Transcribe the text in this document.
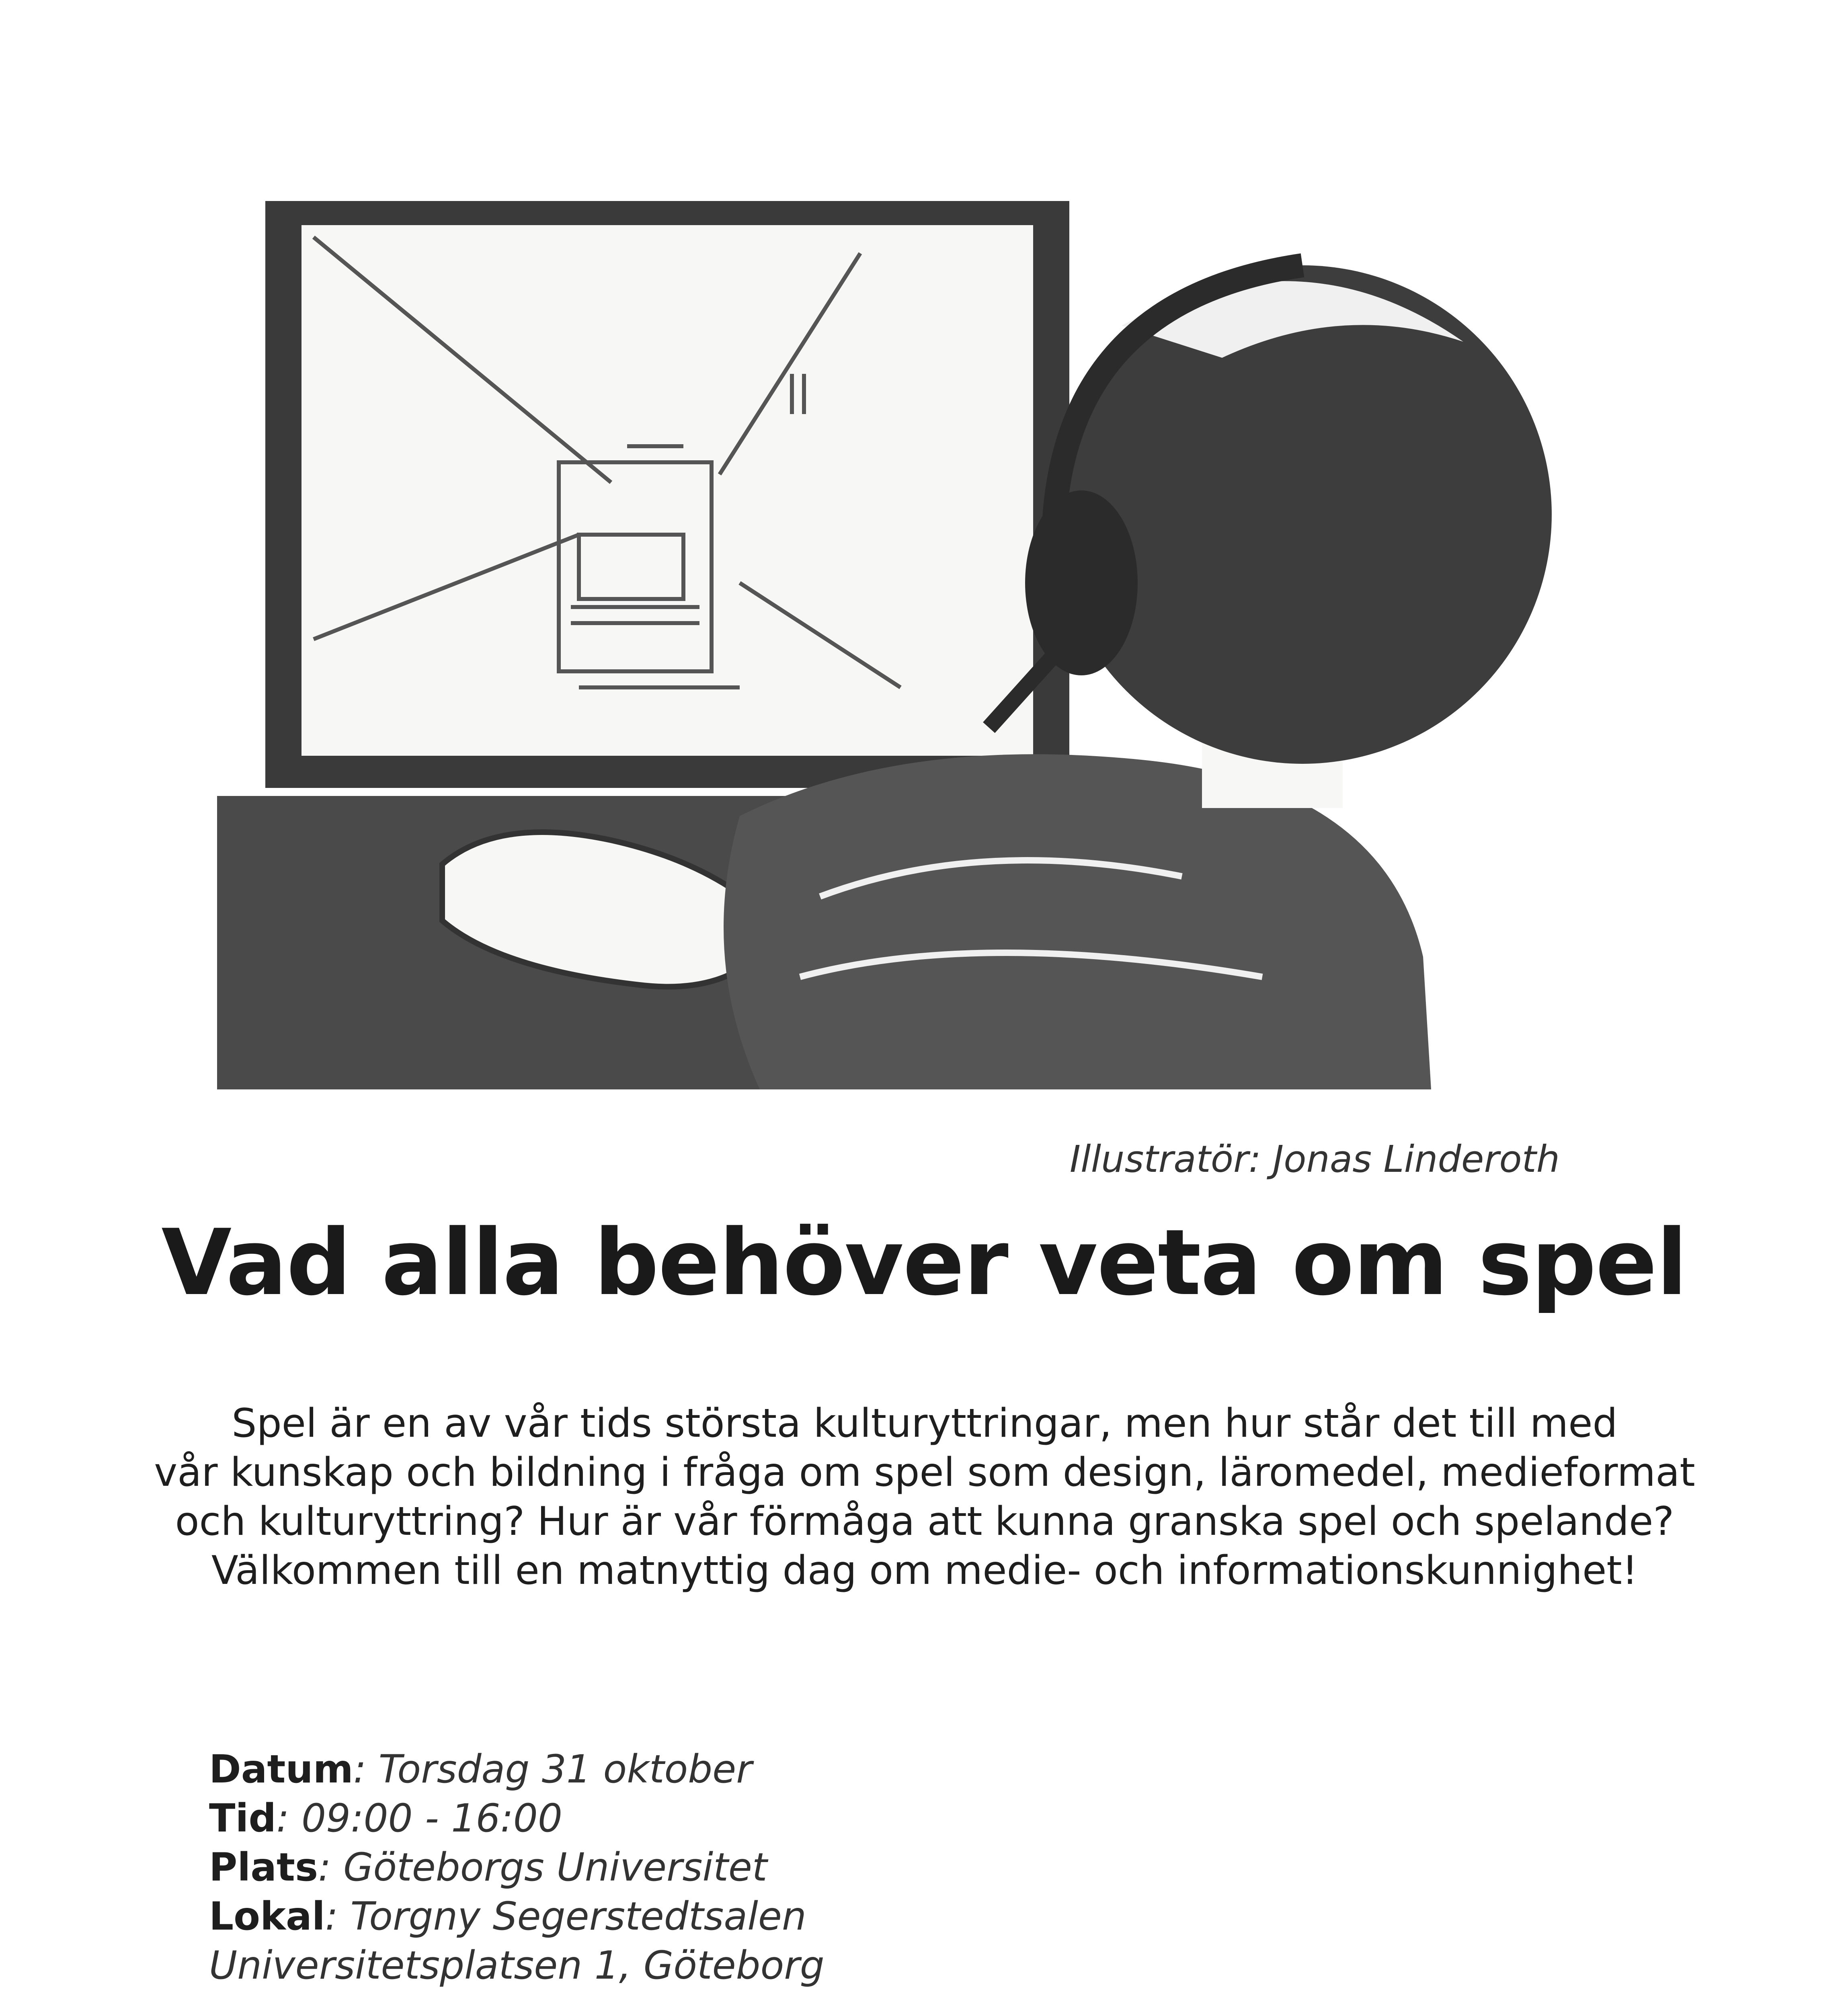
Illustratör: Jonas Linderoth
Vad alla behöver veta om spel
Spel är en av vår tids största kulturyttringar, men hur står det till med
vår kunskap och bildning i fråga om spel som design, läromedel, medieformat
och kulturyttring? Hur är vår förmåga att kunna granska spel och spelande?
Välkommen till en matnyttig dag om medie- och informationskunnighet!
Datum: Torsdag 31 oktober
Tid: 09:00 - 16:00
Plats: Göteborgs Universitet
Lokal: Torgny Segerstedtsalen
Universitetsplatsen 1, Göteborg
